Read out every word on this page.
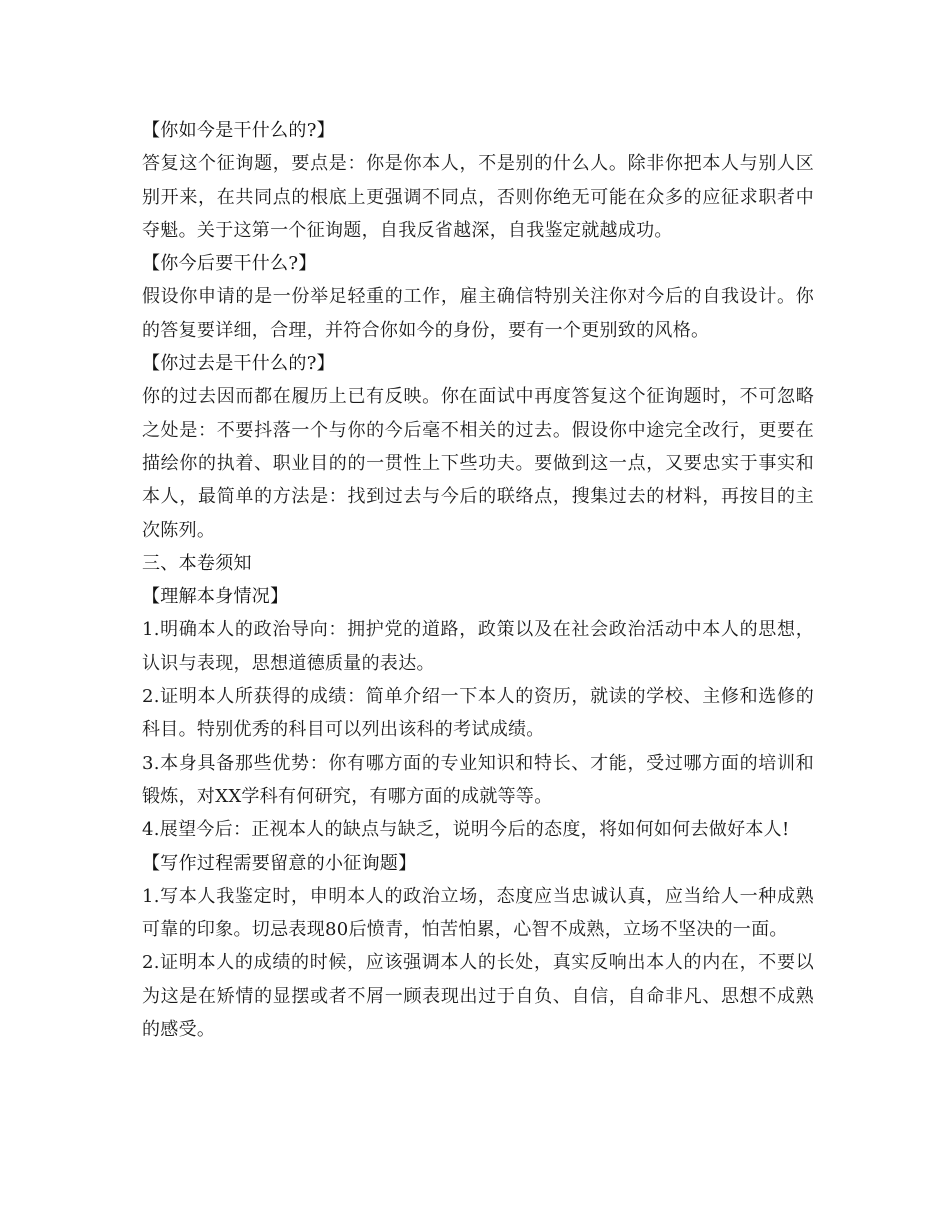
【你如今是干什么的?】

答复这个征询题，要点是：你是你本人，不是别的什么人。除非你把本人与别人区别开来，在共同点的根底上更强调不同点，否则你绝无可能在众多的应征求职者中夺魁。关于这第一个征询题，自我反省越深，自我鉴定就越成功。

【你今后要干什么?】

假设你申请的是一份举足轻重的工作，雇主确信特别关注你对今后的自我设计。你的答复要详细，合理，并符合你如今的身份，要有一个更别致的风格。

【你过去是干什么的?】

你的过去因而都在履历上已有反映。你在面试中再度答复这个征询题时，不可忽略之处是：不要抖落一个与你的今后毫不相关的过去。假设你中途完全改行，更要在描绘你的执着、职业目的的一贯性上下些功夫。要做到这一点，又要忠实于事实和本人，最简单的方法是：找到过去与今后的联络点，搜集过去的材料，再按目的主次陈列。

三、本卷须知

【理解本身情况】

1.明确本人的政治导向：拥护党的道路，政策以及在社会政治活动中本人的思想，认识与表现，思想道德质量的表达。

2.证明本人所获得的成绩：简单介绍一下本人的资历，就读的学校、主修和选修的科目。特别优秀的科目可以列出该科的考试成绩。

3.本身具备那些优势：你有哪方面的专业知识和特长、才能，受过哪方面的培训和锻炼，对XX学科有何研究，有哪方面的成就等等。

4.展望今后：正视本人的缺点与缺乏，说明今后的态度，将如何如何去做好本人!

【写作过程需要留意的小征询题】

1.写本人我鉴定时，申明本人的政治立场，态度应当忠诚认真，应当给人一种成熟可靠的印象。切忌表现80后愤青，怕苦怕累，心智不成熟，立场不坚决的一面。

2.证明本人的成绩的时候，应该强调本人的长处，真实反响出本人的内在，不要以为这是在矫情的显摆或者不屑一顾表现出过于自负、自信，自命非凡、思想不成熟的感受。
